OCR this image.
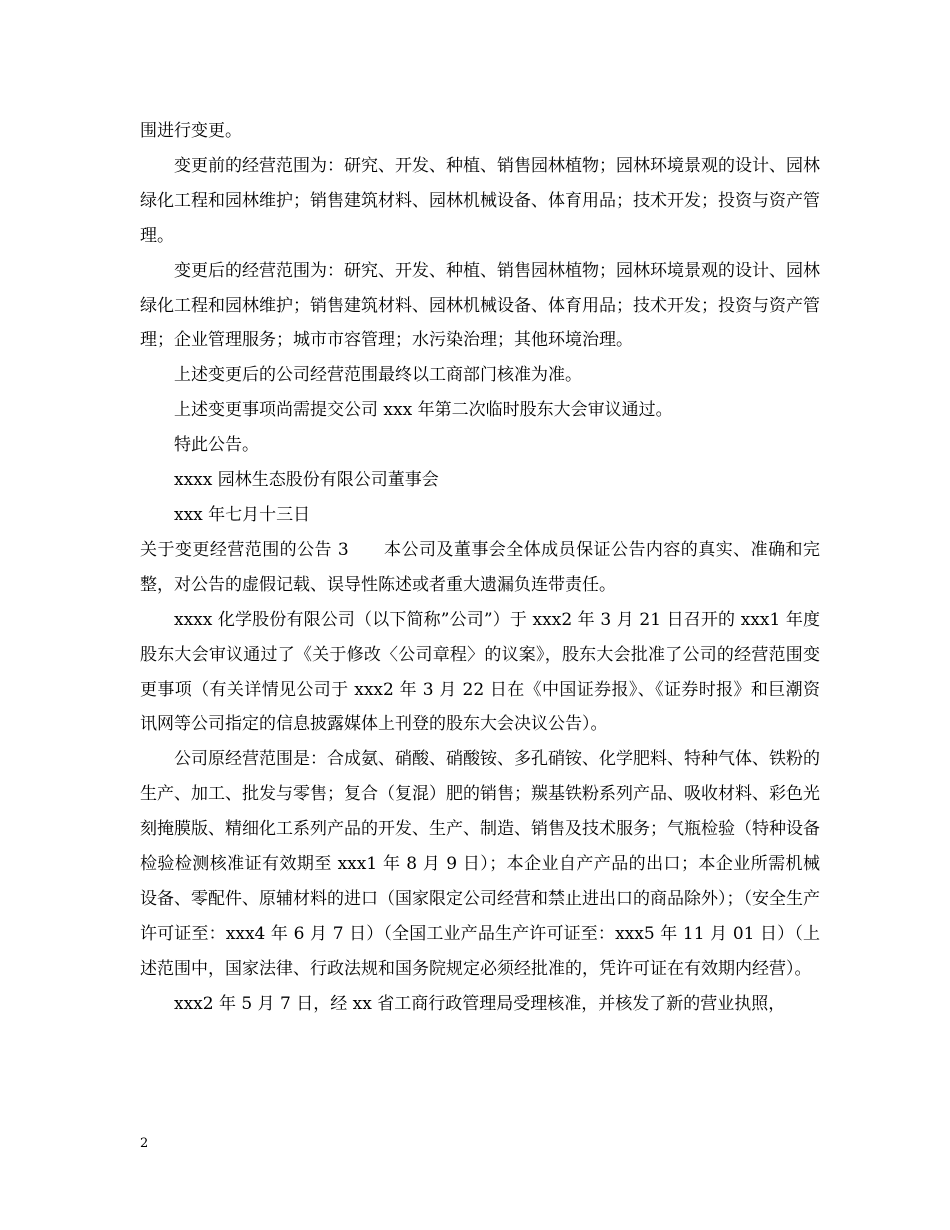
围进行变更。

变更前的经营范围为：研究、开发、种植、销售园林植物；园林环境景观的设计、园林绿化工程和园林维护；销售建筑材料、园林机械设备、体育用品；技术开发；投资与资产管理。

变更后的经营范围为：研究、开发、种植、销售园林植物；园林环境景观的设计、园林绿化工程和园林维护；销售建筑材料、园林机械设备、体育用品；技术开发；投资与资产管理；企业管理服务；城市市容管理；水污染治理；其他环境治理。

上述变更后的公司经营范围最终以工商部门核准为准。

上述变更事项尚需提交公司 xxx 年第二次临时股东大会审议通过。

特此公告。

xxxx 园林生态股份有限公司董事会

xxx 年七月十三日

关于变更经营范围的公告 3　　本公司及董事会全体成员保证公告内容的真实、准确和完整，对公告的虚假记载、误导性陈述或者重大遗漏负连带责任。

xxxx 化学股份有限公司（以下简称”公司”）于 xxx2 年 3 月 21 日召开的 xxx1 年度股东大会审议通过了《关于修改〈公司章程〉的议案》，股东大会批准了公司的经营范围变更事项（有关详情见公司于 xxx2 年 3 月 22 日在《中国证券报》、《证券时报》和巨潮资讯网等公司指定的信息披露媒体上刊登的股东大会决议公告）。

公司原经营范围是：合成氨、硝酸、硝酸铵、多孔硝铵、化学肥料、特种气体、铁粉的生产、加工、批发与零售；复合（复混）肥的销售；羰基铁粉系列产品、吸收材料、彩色光刻掩膜版、精细化工系列产品的开发、生产、制造、销售及技术服务；气瓶检验（特种设备检验检测核准证有效期至 xxx1 年 8 月 9 日）；本企业自产产品的出口；本企业所需机械设备、零配件、原辅材料的进口（国家限定公司经营和禁止进出口的商品除外）；（安全生产许可证至：xxx4 年 6 月 7 日）（全国工业产品生产许可证至：xxx5 年 11 月 01 日）（上述范围中，国家法律、行政法规和国务院规定必须经批准的，凭许可证在有效期内经营）。

xxx2 年 5 月 7 日，经 xx 省工商行政管理局受理核准，并核发了新的营业执照，

2
